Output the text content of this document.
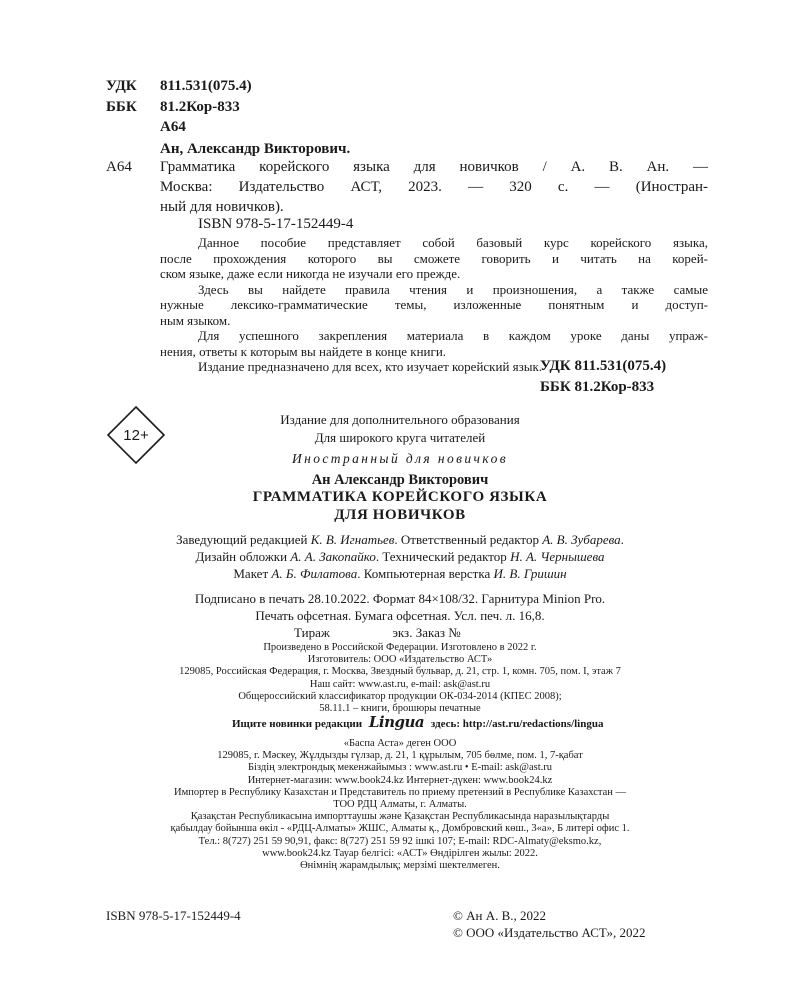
УДК 811.531(075.4)
ББК 81.2Кор-833
А64
Ан, Александр Викторович.
А64 Грамматика корейского языка для новичков / А. В. Ан. —
Москва: Издательство АСТ, 2023. — 320 с. — (Иностран-
ный для новичков).
ISBN 978-5-17-152449-4
Данное пособие представляет собой базовый курс корейского языка,
после прохождения которого вы сможете говорить и читать на корей-
ском языке, даже если никогда не изучали его прежде.
Здесь вы найдете правила чтения и произношения, а также самые
нужные лексико-грамматические темы, изложенные понятным и доступ-
ным языком.
Для успешного закрепления материала в каждом уроке даны упраж-
нения, ответы к которым вы найдете в конце книги.
Издание предназначено для всех, кто изучает корейский язык.
УДК 811.531(075.4)
ББК 81.2Кор-833
12+
Издание для дополнительного образования
Для широкого круга читателей
Иностранный для новичков
Ан Александр Викторович
ГРАММАТИКА КОРЕЙСКОГО ЯЗЫКА
ДЛЯ НОВИЧКОВ
Заведующий редакцией К. В. Игнатьев. Ответственный редактор А. В. Зубарева.
Дизайн обложки А. А. Закопайко. Технический редактор Н. А. Чернышева
Макет А. Б. Филатова. Компьютерная верстка И. В. Гришин
Подписано в печать 28.10.2022. Формат 84×108/32. Гарнитура Minion Pro.
Печать офсетная. Бумага офсетная. Усл. печ. л. 16,8.
Тираж	экз. Заказ №
Произведено в Российской Федерации. Изготовлено в 2022 г.
Изготовитель: ООО «Издательство АСТ»
129085, Российская Федерация, г. Москва, Звездный бульвар, д. 21, стр. 1, комн. 705, пом. I, этаж 7
Наш сайт: www.ast.ru, e-mail: ask@ast.ru
Общероссийский классификатор продукции ОК-034-2014 (КПЕС 2008);
58.11.1 – книги, брошюры печатные
Ищите новинки редакции Lingua здесь: http://ast.ru/redactions/lingua
«Баспа Аста» деген ООО
129085, г. Мәскеу, Жұлдызды гүлзар, д. 21, 1 құрылым, 705 бөлме, пом. 1, 7-қабат
Біздің электрондық мекенжайымыз : www.ast.ru • E-mail: ask@ast.ru
Интернет-магазин: www.book24.kz Интернет-дүкен: www.book24.kz
Импортер в Республику Казахстан и Представитель по приему претензий в Республике Казахстан —
ТОО РДЦ Алматы, г. Алматы.
Қазақстан Республикасына импорттаушы және Қазақстан Республикасында наразылықтарды
қабылдау бойынша өкіл - «РДЦ-Алматы» ЖШС, Алматы қ., Домбровский көш., 3«а», Б литері офис 1.
Тел.: 8(727) 251 59 90,91, факс: 8(727) 251 59 92 ішкі 107; E-mail: RDC-Almaty@eksmo.kz,
www.book24.kz Тауар белгісі: «АСТ» Өндірілген жылы: 2022.
Өнімнің жарамдылық; мерзімі шектелмеген.
ISBN 978-5-17-152449-4	© Ан А. В., 2022
© ООО «Издательство АСТ», 2022
